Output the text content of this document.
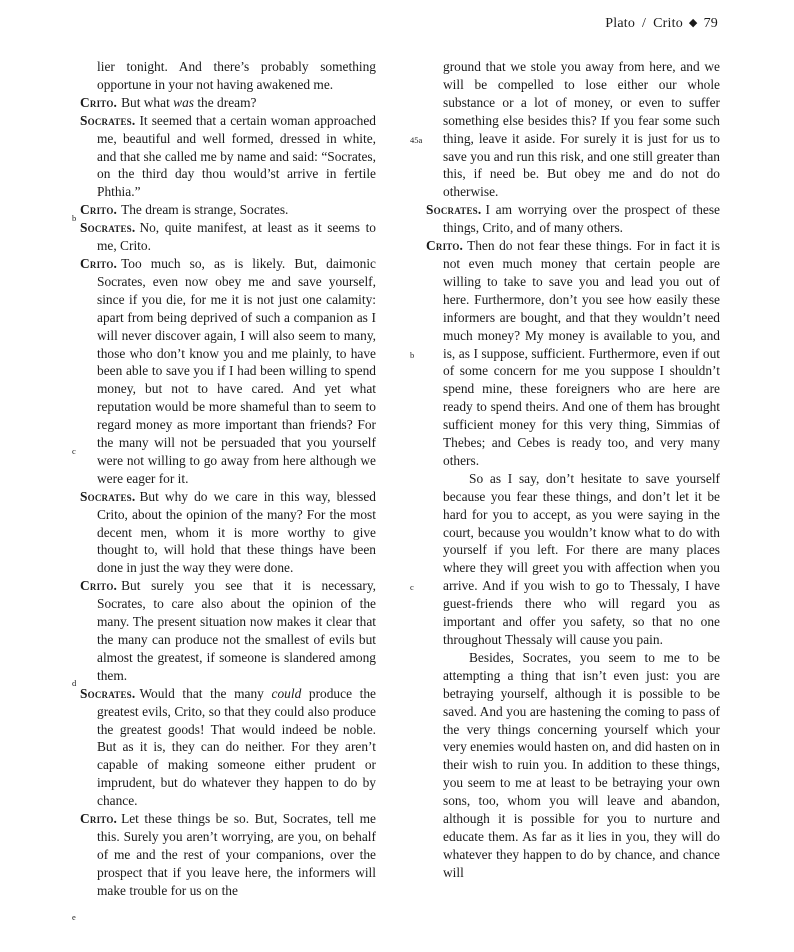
Plato / Crito ◆ 79
b
c
d
e

lier tonight. And there’s probably something opportune in your not having awakened me.

Crito. But what was the dream?

Socrates. It seemed that a certain woman approached me, beautiful and well formed, dressed in white, and that she called me by name and said: “Socrates, on the third day thou would’st arrive in fertile Phthia.”

Crito. The dream is strange, Socrates.

Socrates. No, quite manifest, at least as it seems to me, Crito.

Crito. Too much so, as is likely. But, daimonic Socrates, even now obey me and save yourself, since if you die, for me it is not just one calamity: apart from being deprived of such a companion as I will never discover again, I will also seem to many, those who don’t know you and me plainly, to have been able to save you if I had been willing to spend money, but not to have cared. And yet what reputation would be more shameful than to seem to regard money as more important than friends? For the many will not be persuaded that you yourself were not willing to go away from here although we were eager for it.

Socrates. But why do we care in this way, blessed Crito, about the opinion of the many? For the most decent men, whom it is more worthy to give thought to, will hold that these things have been done in just the way they were done.

Crito. But surely you see that it is necessary, Socrates, to care also about the opinion of the many. The present situation now makes it clear that the many can produce not the smallest of evils but almost the greatest, if someone is slandered among them.

Socrates. Would that the many could produce the greatest evils, Crito, so that they could also produce the greatest goods! That would indeed be noble. But as it is, they can do neither. For they aren’t capable of making someone either prudent or imprudent, but do whatever they happen to do by chance.

Crito. Let these things be so. But, Socrates, tell me this. Surely you aren’t worrying, are you, on behalf of me and the rest of your companions, over the prospect that if you leave here, the informers will make trouble for us on the

45a
b
c

ground that we stole you away from here, and we will be compelled to lose either our whole substance or a lot of money, or even to suffer something else besides this? If you fear some such thing, leave it aside. For surely it is just for us to save you and run this risk, and one still greater than this, if need be. But obey me and do not do otherwise.

Socrates. I am worrying over the prospect of these things, Crito, and of many others.

Crito. Then do not fear these things. For in fact it is not even much money that certain people are willing to take to save you and lead you out of here. Furthermore, don’t you see how easily these informers are bought, and that they wouldn’t need much money? My money is available to you, and is, as I suppose, sufficient. Furthermore, even if out of some concern for me you suppose I shouldn’t spend mine, these foreigners who are here are ready to spend theirs. And one of them has brought sufficient money for this very thing, Simmias of Thebes; and Cebes is ready too, and very many others.

So as I say, don’t hesitate to save yourself because you fear these things, and don’t let it be hard for you to accept, as you were saying in the court, because you wouldn’t know what to do with yourself if you left. For there are many places where they will greet you with affection when you arrive. And if you wish to go to Thessaly, I have guest-friends there who will regard you as important and offer you safety, so that no one throughout Thessaly will cause you pain.

Besides, Socrates, you seem to me to be attempting a thing that isn’t even just: you are betraying yourself, although it is possible to be saved. And you are hastening the coming to pass of the very things concerning yourself which your very enemies would hasten on, and did hasten on in their wish to ruin you. In addition to these things, you seem to me at least to be betraying your own sons, too, whom you will leave and abandon, although it is possible for you to nurture and educate them. As far as it lies in you, they will do whatever they happen to do by chance, and chance will
